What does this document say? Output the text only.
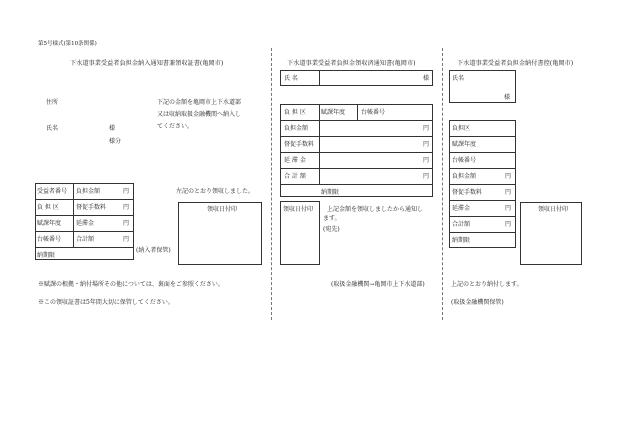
第5号様式(第10条関係)
下水道事業受益者負担金納入通知書兼領収証書(亀岡市)
住所
氏名	様
様分
下記の金額を亀岡市上下水道部
又は収納取扱金融機関へ納入し
てください。
受益者番号 負担金額	円
負 担 区	督促手数料	円
賦課年度 延滞金	円
台帳番号 合計額	円
納期限
(納入者保管)
左記のとおり領収しました。
領収日付印
※賦課の根拠・納付場所その他については、裏面をご参照ください。
※この領収証書は5年間大切に保管してください。
下水道事業受益者負担金領収済通知書(亀岡市)
氏 名	様
負 担 区	賦課年度	台帳番号
負担金額	円
督促手数料	円
延 滞 金	円
合 計 額	円
納期限
領収日付印 上記金額を領収しましたから通知し
ます。
(宛先)
(取扱金融機関→亀岡市上下水道部)
下水道事業受益者負担金納付書控(亀岡市)
氏名
様
負担区
賦課年度
台帳番号
負担金額	円
督促手数料	円
延滞金	円
合計額	円
納期限
領収日付印
上記のとおり納付します。
(取扱金融機関保管)
